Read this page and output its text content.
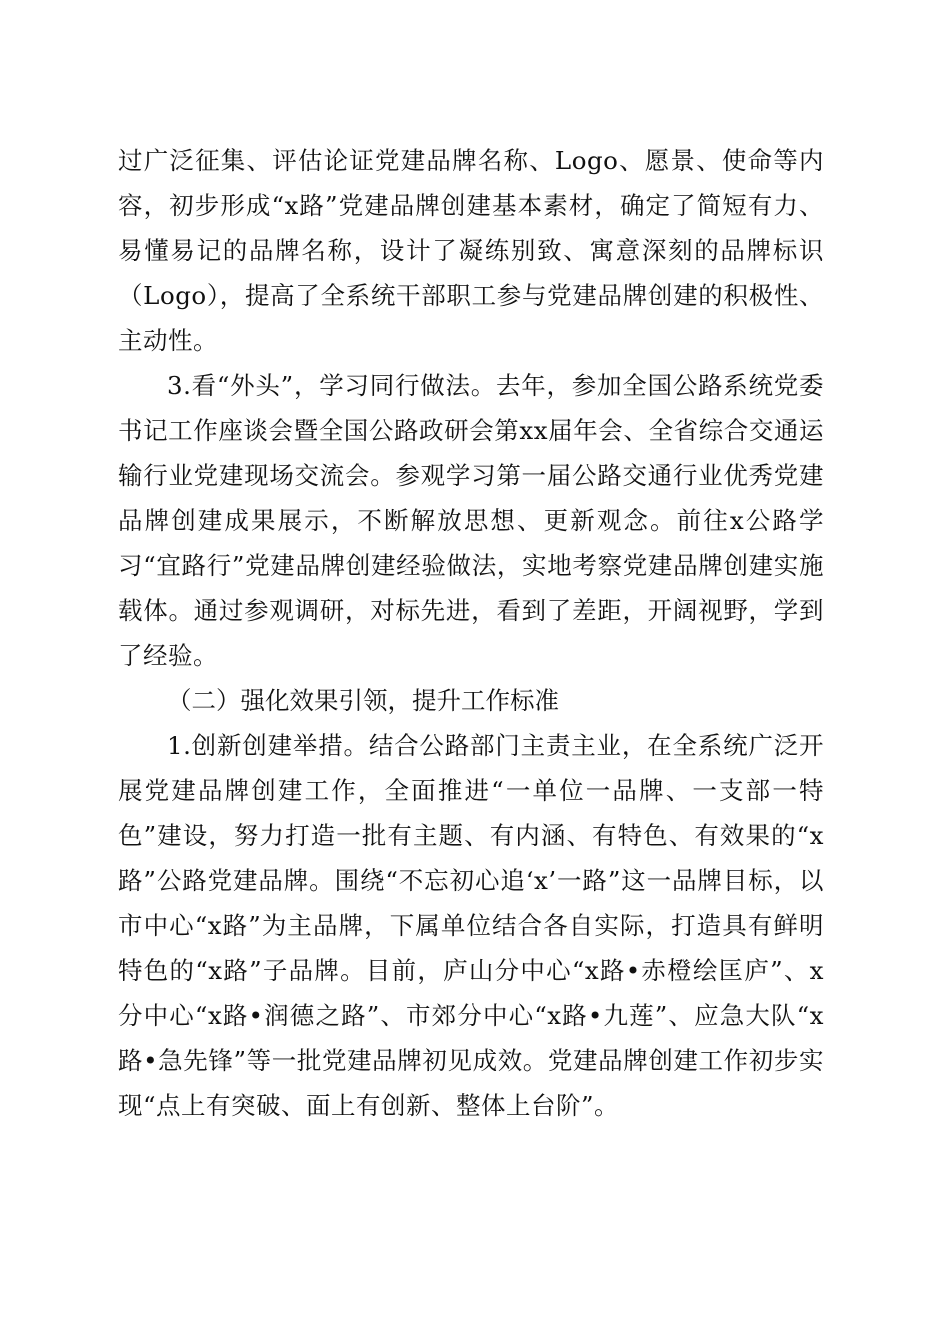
过广泛征集、评估论证党建品牌名称、Logo、愿景、使命等内容，初步形成“x路”党建品牌创建基本素材，确定了简短有力、易懂易记的品牌名称，设计了凝练别致、寓意深刻的品牌标识（Logo），提高了全系统干部职工参与党建品牌创建的积极性、主动性。

3.看“外头”，学习同行做法。去年，参加全国公路系统党委书记工作座谈会暨全国公路政研会第xx届年会、全省综合交通运输行业党建现场交流会。参观学习第一届公路交通行业优秀党建品牌创建成果展示，不断解放思想、更新观念。前往x公路学习“宜路行”党建品牌创建经验做法，实地考察党建品牌创建实施载体。通过参观调研，对标先进，看到了差距，开阔视野，学到了经验。

（二）强化效果引领，提升工作标准

1.创新创建举措。结合公路部门主责主业，在全系统广泛开展党建品牌创建工作，全面推进“一单位一品牌、一支部一特色”建设，努力打造一批有主题、有内涵、有特色、有效果的“x路”公路党建品牌。围绕“不忘初心追‘x’一路”这一品牌目标，以市中心“x路”为主品牌，下属单位结合各自实际，打造具有鲜明特色的“x路”子品牌。目前，庐山分中心“x路•赤橙绘匡庐”、x分中心“x路•润德之路”、市郊分中心“x路•九莲”、应急大队“x路•急先锋”等一批党建品牌初见成效。党建品牌创建工作初步实现“点上有突破、面上有创新、整体上台阶”。
